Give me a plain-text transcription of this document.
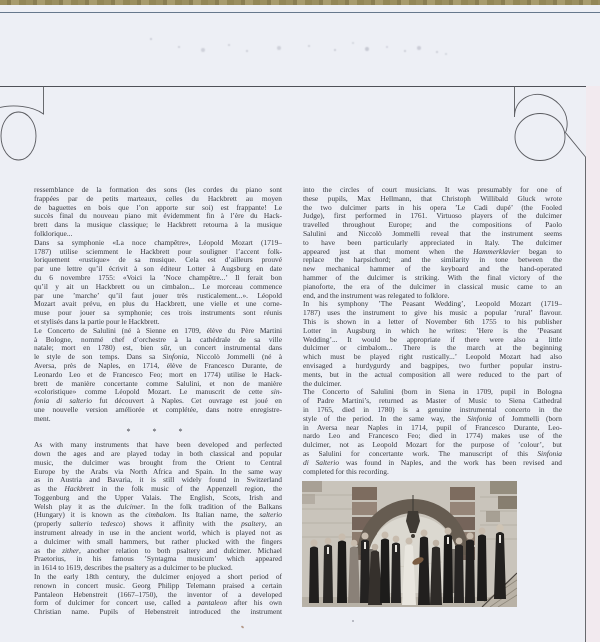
ressemblance de la formation des sons (les cordes du piano sont
frappées par de petits marteaux, celles du Hackbrett au moyen
de baguettes en bois que l’on apporte sur soi) est frappante! Le
succès final du nouveau piano mit évidemment fin à l’ère du Hack-
brett dans la musique classique; le Hackbrett retourna à la musique
folklorique...
Dans sa symphonie «La noce champêtre», Léopold Mozart (1719–
1787) utilise sciemment le Hackbrett pour souligner l’accent folk-
loriquement «rustique» de sa musique. Cela est d’ailleurs prouvé
par une lettre qu’il écrivit à son éditeur Lotter à Augsburg en date
du 6 novembre 1755: «Voici la ’Noce champêtre...’ Il ferait bon
qu’il y ait un Hackbrett ou un cimbalon... Le morceau commence
par une ’marche’ qu’il faut jouer très rusticalement...». Léopold
Mozart avait prévu, en plus du Hackbrett, une vielle et une corne-
muse pour jouer sa symphonie; ces trois instruments sont réunis
et stylisés dans la partie pour le Hackbrett.
Le Concerto de Salulini (né à Sienne en 1709, élève du Père Martini
à Bologne, nommé chef d’orchestre à la cathédrale de sa ville
natale; mort en 1780) est, bien sûr, un concert instrumental dans
le style de son temps. Dans sa Sinfonia, Niccolò Jommelli (né à
Aversa, près de Naples, en 1714, élève de Francesco Durante, de
Leonardo Leo et de Francesco Feo; mort en 1774) utilise le Hack-
brett de manière concertante comme Salulini, et non de manière
«coloristique» comme Léopold Mozart. Le manuscrit de cette sin-
fonia di salterio fut découvert à Naples. Cet ouvrage est joué en
une nouvelle version améliorée et complétée, dans notre enregistre-
ment.
* * *
As with many instruments that have been developed and perfected
down the ages and are played today in both classical and popular
music, the dulcimer was brought from the Orient to Central
Europe by the Arabs via North Africa and Spain. In the same way
as in Austria and Bavaria, it is still widely found in Switzerland
as the Hackbrett in the folk music of the Appenzell region, the
Toggenburg and the Upper Valais. The English, Scots, Irish and
Welsh play it as the dulcimer. In the folk tradition of the Balkans
(Hungary) it is known as the cimbalom. Its Italian name, the salterio
(properly salterio tedesco) shows it affinity with the psaltery, an
instrument already in use in the ancient world, which is played not as
a dulcimer with small hammers, but rather plucked with the fingers
as the zither, another relation to both psaltery and dulcimer. Michael
Praetorius, in his famous ’Syntagma musicum’ which appeared
in 1614 to 1619, describes the psaltery as a dulcimer to be plucked.
In the early 18th century, the dulcimer enjoyed a short period of
renown in concert music. Georg Philipp Telemann praised a certain
Pantaleon Hebenstreit (1667–1750), the inventor of a developed
form of dulcimer for concert use, called a pantaleon after his own
Christian name. Pupils of Hebenstreit introduced the instrument
into the circles of court musicians. It was presumably for one of
these pupils, Max Hellmann, that Christoph Willibald Gluck wrote
the two dulcimer parts in his opera ’Le Cadi dupé’ (the Fooled
Judge), first performed in 1761. Virtuoso players of the dulcimer
travelled throughout Europe; and the compositions of Paolo
Salulini and Niccolò Jommelli reveal that the instrument seems
to have been particularly appreciated in Italy. The dulcimer
appeared just at that moment when the Hammerklavier began to
replace the harpsichord; and the similarity in tone between the
new mechanical hammer of the keyboard and the hand-operated
hammer of the dulcimer is striking. With the final victory of the
pianoforte, the era of the dulcimer in classical music came to an
end, and the instrument was relegated to folklore.
In his symphony ’The Peasant Wedding’, Leopold Mozart (1719–
1787) uses the instrument to give his music a popular ’rural’ flavour.
This is shown in a letter of November 6th 1755 to his publisher
Lotter in Augsburg in which he writes: ’Here is the ’Peasant
Wedding’... It would be appropriate if there were also a little
dulcimer or cimbalom... There is the march at the beginning
which must be played right rustically...’ Leopold Mozart had also
envisaged a hurdygurdy and bagpipes, two further popular instru-
ments, but in the actual composition all were reduced to the part of
the dulcimer.
The Concerto of Salulini (born in Siena in 1709, pupil in Bologna
of Padre Martini’s, returned as Master of Music to Siena Cathedral
in 1765, died in 1780) is a genuine instrumental concerto in the
style of the period. In the same way, the Sinfonia of Jommelli (born
in Aversa near Naples in 1714, pupil of Francesco Durante, Leo-
nardo Leo and Francesco Feo; died in 1774) makes use of the
dulcimer, not as Leopold Mozart for the purpose of ’colour’, but
as Salulini for concertante work. The manuscript of this Sinfonia
di Salterio was found in Naples, and the work has been revised and
completed for this recording.
